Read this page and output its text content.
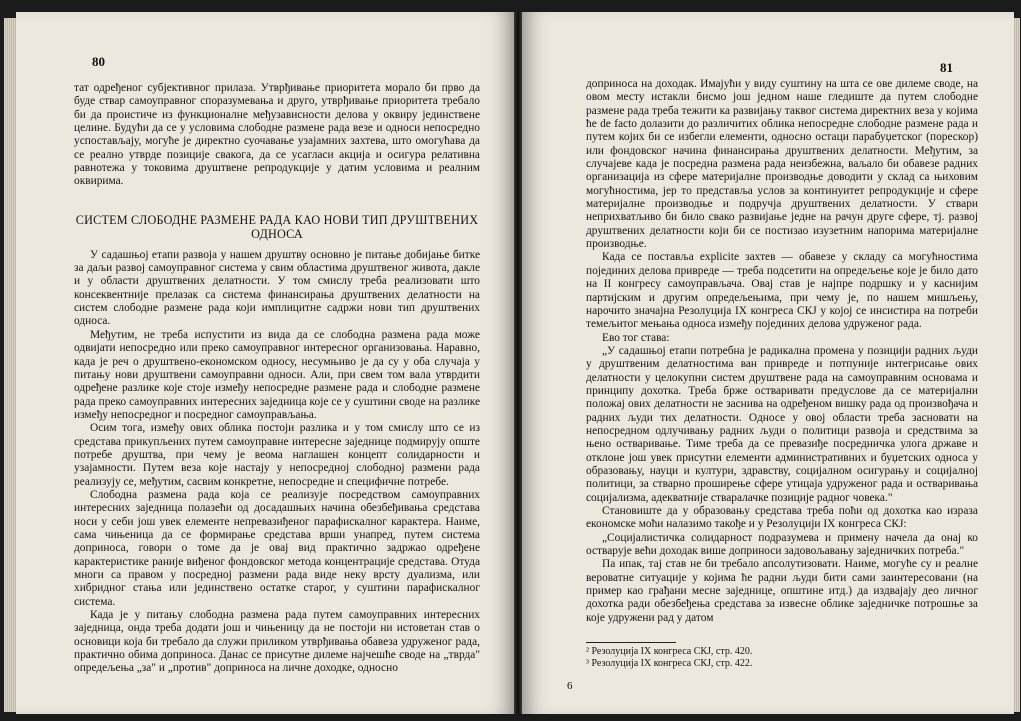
80

тат одређеног субјективног прилаза. Утврђивање приоритета морало би прво да буде ствар самоуправног споразумевања и друго, утврђивање приоритета требало би да проистиче из функционалне међузависности делова у оквиру јединствене целине. Будући да се у условима слободне размене рада везе и односи непосредно успостављају, могуће је директно суочавање узајамних захтева, што омогућава да се реално утврде позиције свакога, да се усагласи акција и осигура релативна равнотежа у токовима друштвене репродукције у датим условима и реалним оквирима.

СИСТЕМ СЛОБОДНЕ РАЗМЕНЕ РАДА КАО НОВИ ТИП ДРУШТВЕНИХ ОДНОСА

У садашњој етапи развоја у нашем друштву основно је питање добијање битке за даљи развој самоуправног система у свим областима друштвеног живота, дакле и у области друштвених делатности. У том смислу треба реализовати што консеквентније прелазак са система финансирања друштвених делатности на систем слободне размене рада који имплицитне садржи нови тип друштвених односа.

Међутим, не треба испустити из вида да се слободна размена рада може одвијати непосредно или преко самоуправног интересног организовања. Наравно, када је реч о друштвено-економском односу, несумњиво је да су у оба случаја у питању нови друштвени самоуправни односи. Али, при свем том вала утврдити одређене разлике које стоје између непосредне размене рада и слободне размене рада преко самоуправних интересних заједница које се у суштини своде на разлике између непосредног и посредног самоуправљања.

Осим тога, између ових облика постоји разлика и у том смислу што се из средстава прикупљених путем самоуправне интересне заједнице подмирују опште потребе друштва, при чему је веома наглашен концепт солидарности и узајамности. Путем веза које настају у непосредној слободној размени рада реализују се, међутим, сасвим конкретне, непосредне и специфичне потребе.

Слободна размена рада која се реализује посредством самоуправних интересних заједница полазећи од досадашњих начина обезбеђивања средстава носи у себи још увек елементе непревазиђеног парафискалног карактера. Наиме, сама чињеница да се формирање средстава врши унапред, путем система доприноса, говори о томе да је овај вид практично задржао одређене карактеристике раније виђеног фондовског метода концентрације средстава. Отуда многи са правом у посредној размени рада виде неку врсту дуализма, или хибридног стања или јединствено остатке старог, у суштини парафискалног система.

Када је у питању слободна размена рада путем самоуправних интересних заједница, онда треба додати још и чињеницу да не постоји ни истоветан став о основици која би требало да служи приликом утврђивања обавеза удруженог рада, практично обима доприноса. Данас се присутне дилеме најчешће своде на „тврда" опредељења „за" и „против" доприноса на личне доходке, односно

81

доприноса на доходак. Имајући у виду суштину на шта се ове дилеме своде, на овом месту истакли бисмо још једном наше гледиште да путем слободне размене рада треба тежити ка развијању таквог система директних веза у којима ће de facto долазити до различитих облика непосредне слободне размене рада и путем којих би се избегли елементи, односно остаци парабуџетског (порескор) или фондовског начина финансирања друштвених делатности. Међутим, за случајеве када је посредна размена рада неизбежна, ваљало би обавезе радних организација из сфере материјалне производње доводити у склад са њиховим могућностима, јер то представља услов за континуитет репродукције и сфере материјалне производње и подручја друштвених делатности. У ствари неприхватљиво би било свако развијање једне на рачун друге сфере, тј. развој друштвених делатности који би се постизао изузетним напорима материјалне производње.

Када се постављa explicite захтев — обавезе у складу са могућностима појединих делова привреде — треба подсетити на опредељење које је било дато на II конгресу самоуправљача. Овај став је најпре подршку и у каснијим партијским и другим опредељењима, при чему је, по нашем мишљењу, нарочито значајна Резолуција IX конгреса СКЈ у којој се инсистира на потреби темељитог мењања односа између појединих делова удруженог рада.

Ево тог става:

„У садашњој етапи потребна је радикална промена у позицији радних људи у друштвеним делатностима ван привреде и потпуније интегрисање ових делатности у целокупни систем друштвене рада на самоуправним основама и принципу дохотка. Треба брже остваривати предуслове да се материјални положај ових делатности не заснива на одређеном вишку рада од произвођача и радних људи тих делатности. Односе у овој области треба засновати на непосредном одлучивању радних људи о политици развоја и средствима за њено остваривање. Тиме треба да се превазиђе посредничка улога државе и отклоне још увек присутни елементи административних и буџетских односа у образовању, науци и култури, здравству, социјалном осигурању и социјалној политици, за стварно проширење сфере утицаја удруженог рада и остваривања социјализма, адекватније стваралачке позиције радног човека."

Становиште да у образовању средстава треба поћи од дохотка као израза економске моћи налазимо такође и у Резолуцији IX конгреса СКЈ:

„Социјалистичка солидарност подразумева и примену начела да онај ко остварује већи доходак више доприноси задовољавању заједничких потреба."

Па ипак, тај став не би требало апсолутизовати. Наиме, могуће су и реалне вероватне ситуације у којима ће радни људи бити сами заинтересовани (на пример као грађани месне заједнице, општине итд.) да издвајају део личног дохотка ради обезбеђења средстава за извесне облике заједничке потрошње за које удружени рад у датом

² Резолуција IX конгреса СКЈ, стр. 420.
³ Резолуција IX конгреса СКЈ, стр. 422.
6
